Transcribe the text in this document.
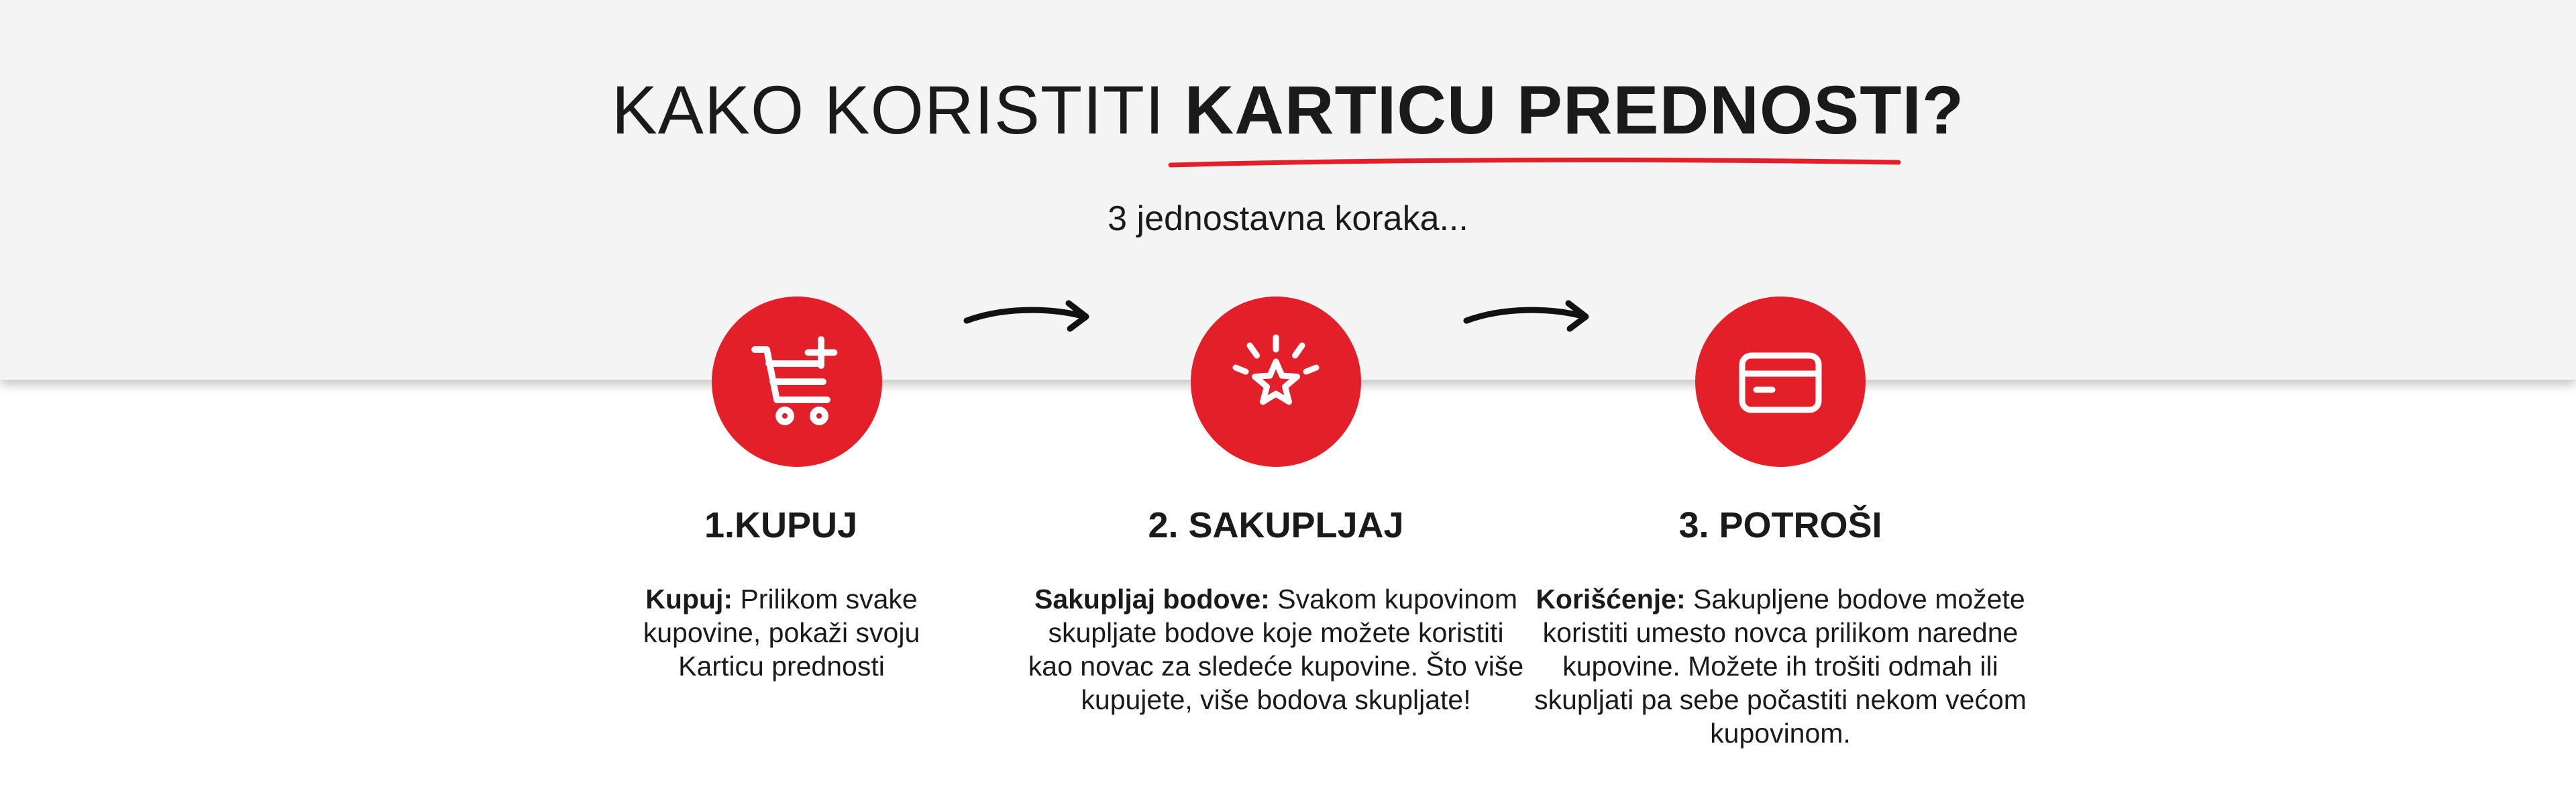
KAKO KORISTITI KARTICU PREDNOSTI?
3 jednostavna koraka...
1.KUPUJ	2. SAKUPLJAJ	3. POTROŠI
Kupuj: Prilikom svake kupovine, pokaži svoju Karticu prednosti
Sakupljaj bodove: Svakom kupovinom skupljate bodove koje možete koristiti kao novac za sledeće kupovine. Što više kupujete, više bodova skupljate!
Korišćenje: Sakupljene bodove možete koristiti umesto novca prilikom naredne kupovine. Možete ih trošiti odmah ili skupljati pa sebe počastiti nekom većom kupovinom.
